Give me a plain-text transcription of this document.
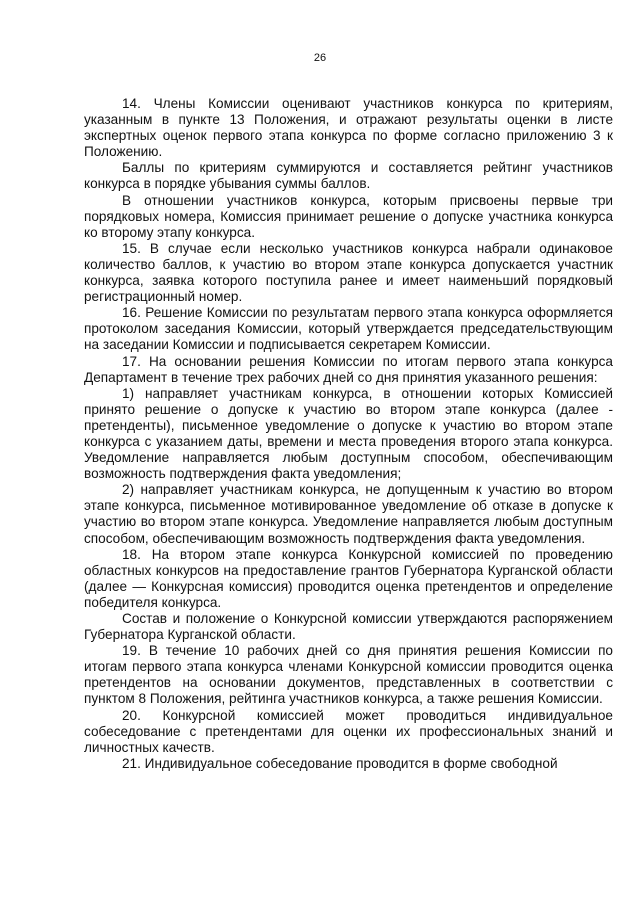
26

14. Члены Комиссии оценивают участников конкурса по критериям, указанным в пункте 13 Положения, и отражают результаты оценки в листе экспертных оценок первого этапа конкурса по форме согласно приложению 3 к Положению.

Баллы по критериям суммируются и составляется рейтинг участников конкурса в порядке убывания суммы баллов.

В отношении участников конкурса, которым присвоены первые три порядковых номера, Комиссия принимает решение о допуске участника конкурса ко второму этапу конкурса.

15. В случае если несколько участников конкурса набрали одинаковое количество баллов, к участию во втором этапе конкурса допускается участник конкурса, заявка которого поступила ранее и имеет наименьший порядковый регистрационный номер.

16. Решение Комиссии по результатам первого этапа конкурса оформляется протоколом заседания Комиссии, который утверждается председательствующим на заседании Комиссии и подписывается секретарем Комиссии.

17. На основании решения Комиссии по итогам первого этапа конкурса Департамент в течение трех рабочих дней со дня принятия указанного решения:

1) направляет участникам конкурса, в отношении которых Комиссией принято решение о допуске к участию во втором этапе конкурса (далее - претенденты), письменное уведомление о допуске к участию во втором этапе конкурса с указанием даты, времени и места проведения второго этапа конкурса. Уведомление направляется любым доступным способом, обеспечивающим возможность подтверждения факта уведомления;

2) направляет участникам конкурса, не допущенным к участию во втором этапе конкурса, письменное мотивированное уведомление об отказе в допуске к участию во втором этапе конкурса. Уведомление направляется любым доступным способом, обеспечивающим возможность подтверждения факта уведомления.

18. На втором этапе конкурса Конкурсной комиссией по проведению областных конкурсов на предоставление грантов Губернатора Курганской области (далее — Конкурсная комиссия) проводится оценка претендентов и определение победителя конкурса.

Состав и положение о Конкурсной комиссии утверждаются распоряжением Губернатора Курганской области.

19. В течение 10 рабочих дней со дня принятия решения Комиссии по итогам первого этапа конкурса членами Конкурсной комиссии проводится оценка претендентов на основании документов, представленных в соответствии с пунктом 8 Положения, рейтинга участников конкурса, а также решения Комиссии.

20. Конкурсной комиссией может проводиться индивидуальное собеседование с претендентами для оценки их профессиональных знаний и личностных качеств.

21. Индивидуальное собеседование проводится в форме свободной
